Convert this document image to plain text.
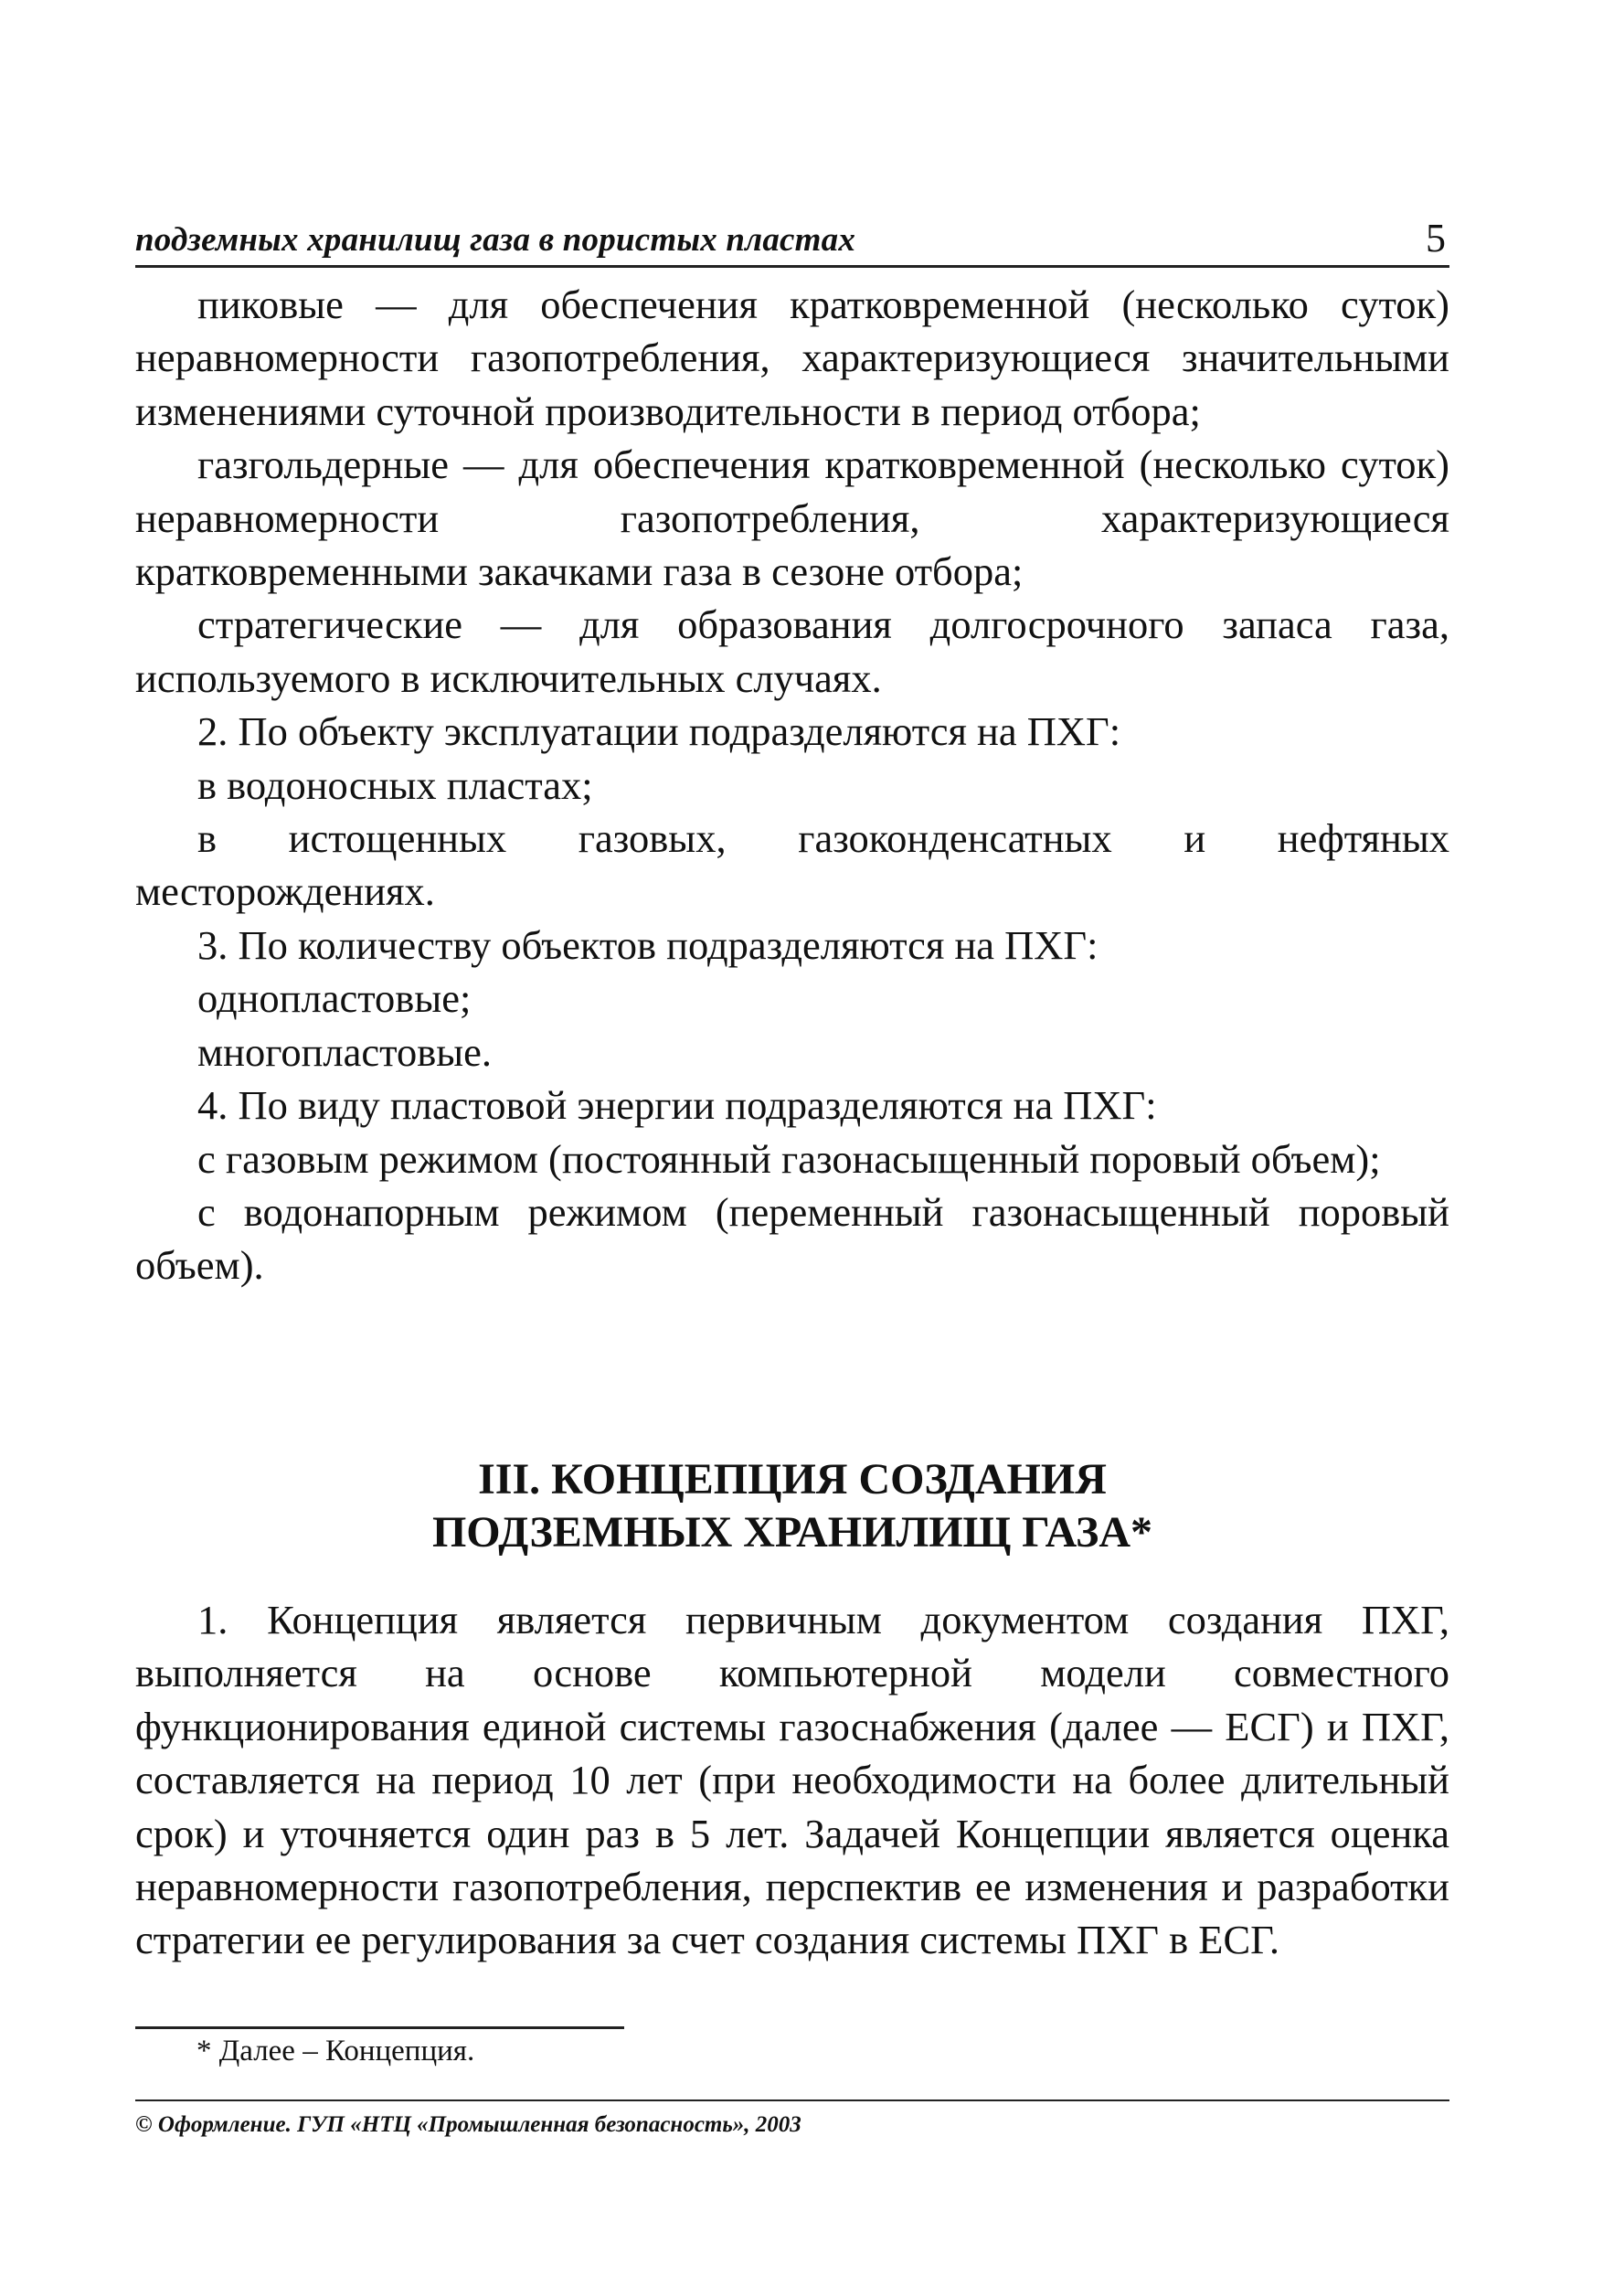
подземных хранилищ газа в пористых пластах	5

пиковые — для обеспечения кратковременной (несколько суток) неравномерности газопотребления, характеризующиеся значительными изменениями суточной производительности в период отбора;

газгольдерные — для обеспечения кратковременной (несколько суток) неравномерности газопотребления, характеризующиеся кратковременными закачками газа в сезоне отбора;

стратегические — для образования долгосрочного запаса газа, используемого в исключительных случаях.

2. По объекту эксплуатации подразделяются на ПХГ:

в водоносных пластах;

в истощенных газовых, газоконденсатных и нефтяных месторождениях.

3. По количеству объектов подразделяются на ПХГ:

однопластовые;

многопластовые.

4. По виду пластовой энергии подразделяются на ПХГ:

с газовым режимом (постоянный газонасыщенный поровый объем);

с водонапорным режимом (переменный газонасыщенный поровый объем).

III. КОНЦЕПЦИЯ СОЗДАНИЯ
ПОДЗЕМНЫХ ХРАНИЛИЩ ГАЗА*

1. Концепция является первичным документом создания ПХГ, выполняется на основе компьютерной модели совместного функционирования единой системы газоснабжения (далее — ЕСГ) и ПХГ, составляется на период 10 лет (при необходимости на более длительный срок) и уточняется один раз в 5 лет. Задачей Концепции является оценка неравномерности газопотребления, перспектив ее изменения и разработки стратегии ее регулирования за счет создания системы ПХГ в ЕСГ.

* Далее – Концепция.
© Оформление. ГУП «НТЦ «Промышленная безопасность», 2003
